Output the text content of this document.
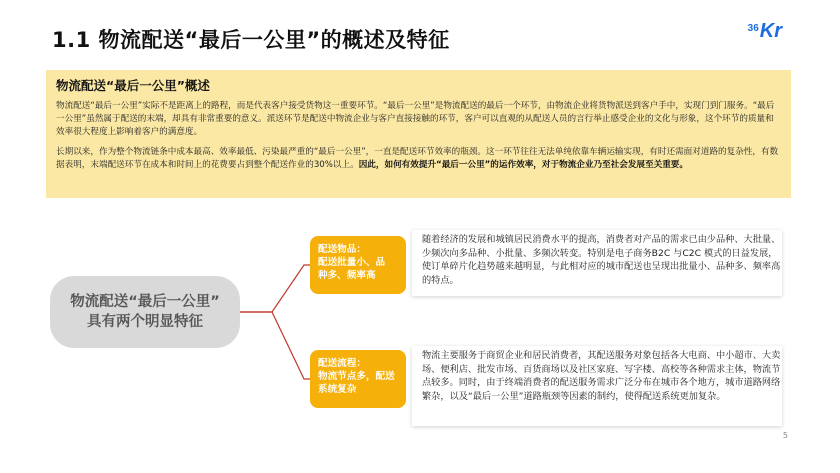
1.1 物流配送“最后一公里”的概述及特征	$^{36}$Kr
物流配送“最后一公里”概述

物流配送“最后一公里”实际不是距离上的路程，而是代表客户接受货物这一重要环节。“最后一公里”是物流配送的最后一个环节，由物流企业将货物派送到客户手中，实现门到门服务。“最后一公里”虽然属于配送的末端，却具有非常重要的意义。派送环节是配送中物流企业与客户直接接触的环节，客户可以直观的从配送人员的言行举止感受企业的文化与形象，这个环节的质量和效率很大程度上影响着客户的满意度。

长期以来，作为整个物流链条中成本最高、效率最低、污染最严重的“最后一公里”，一直是配送环节效率的瓶颈。这一环节往往无法单纯依靠车辆运输实现，有时还需面对道路的复杂性，有数据表明，末端配送环节在成本和时间上的花费要占到整个配送作业的30%以上。因此，如何有效提升“最后一公里”的运作效率，对于物流企业乃至社会发展至关重要。

物流配送“最后一公里”
具有两个明显特征
配送物品：
配送批量小、品
种多、频率高
随着经济的发展和城镇居民消费水平的提高，消费者对产品的需求已由少品种、大批量、少频次向多品种、小批量、多频次转变。特别是电子商务B2C 与C2C 模式的日益发展，使订单碎片化趋势越来越明显，与此相对应的城市配送也呈现出批量小、品种多、频率高的特点。
配送流程：
物流节点多，配送
系统复杂
物流主要服务于商贸企业和居民消费者，其配送服务对象包括各大电商、中小超市、大卖场、便利店、批发市场、百货商场以及社区家庭、写字楼、高校等各种需求主体，物流节点较多。同时，由于终端消费者的配送服务需求广泛分布在城市各个地方，城市道路网络繁杂，以及“最后一公里”道路瓶颈等因素的制约，使得配送系统更加复杂。
5
